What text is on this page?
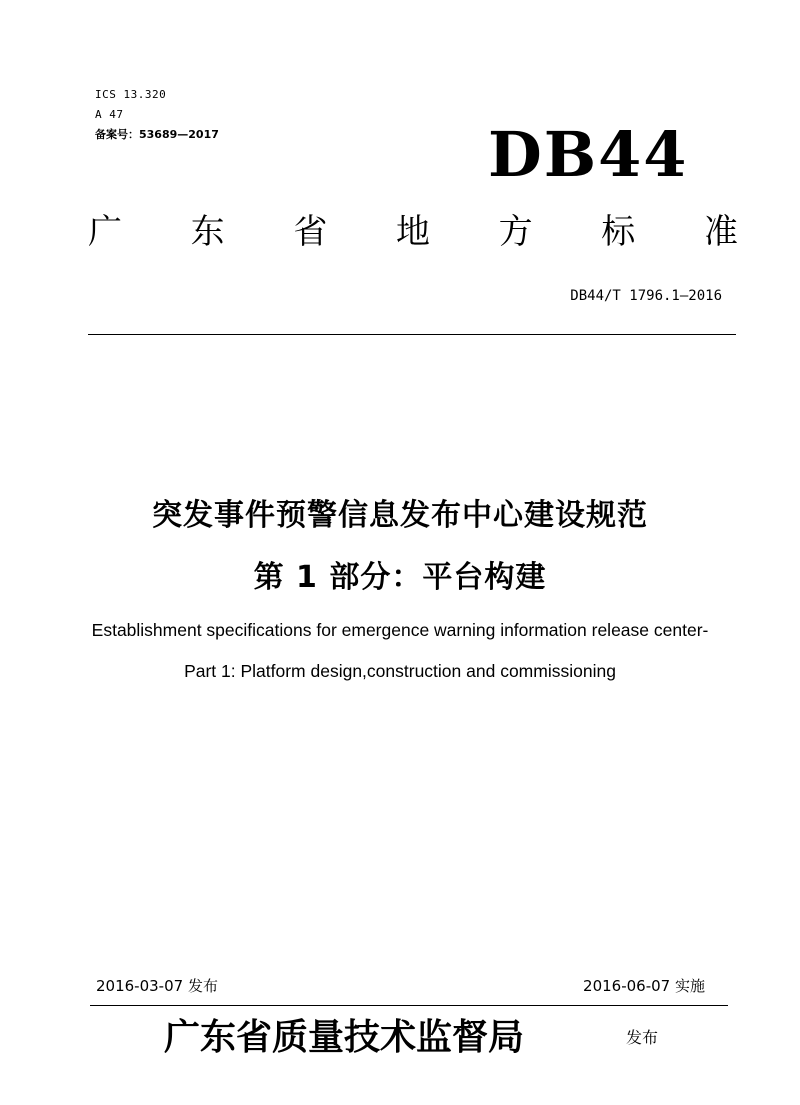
ICS 13.320
A 47
备案号：53689—2017	DB44
广 东 省 地 方 标 准
DB44/T 1796.1—2016
突发事件预警信息发布中心建设规范
第 1 部分：平台构建
Establishment specifications for emergence warning information release center-
Part 1: Platform design,construction and commissioning
2016-03-07 发布	2016-06-07 实施
广东省质量技术监督局	发布
